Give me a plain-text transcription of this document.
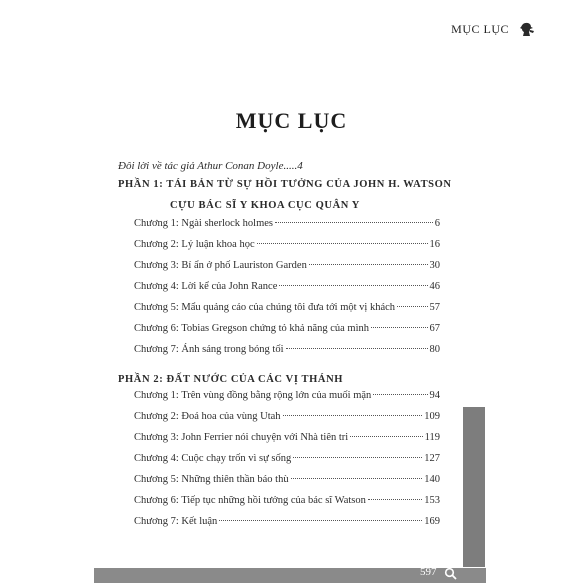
MỤC LỤC
MỤC LỤC
Đôi lời về tác giả Athur Conan Doyle.....4
PHẦN 1: TÁI BẢN TỪ SỰ HỒI TƯỞNG CỦA JOHN H. WATSON
CỰU BÁC SĨ Y KHOA CỤC QUÂN Y
Chương 1: Ngài sherlock holmes	6
Chương 2: Lý luận khoa học	16
Chương 3: Bí ẩn ở phố Lauriston Garden	30
Chương 4: Lời kể của John Rance	46
Chương 5: Mẩu quảng cáo của chúng tôi đưa tới một vị khách	57
Chương 6: Tobias Gregson chứng tỏ khả năng của mình	67
Chương 7: Ánh sáng trong bóng tối	80
PHẦN 2: ĐẤT NƯỚC CỦA CÁC VỊ THÁNH
Chương 1: Trên vùng đồng bằng rộng lớn của muối mặn	94
Chương 2: Đoá hoa của vùng Utah	109
Chương 3: John Ferrier nói chuyện với Nhà tiên tri	119
Chương 4: Cuộc chạy trốn vì sự sống	127
Chương 5: Những thiên thần báo thù	140
Chương 6: Tiếp tục những hồi tưởng của bác sĩ Watson	153
Chương 7: Kết luận	169
nhasach.minhthang.vn
597
